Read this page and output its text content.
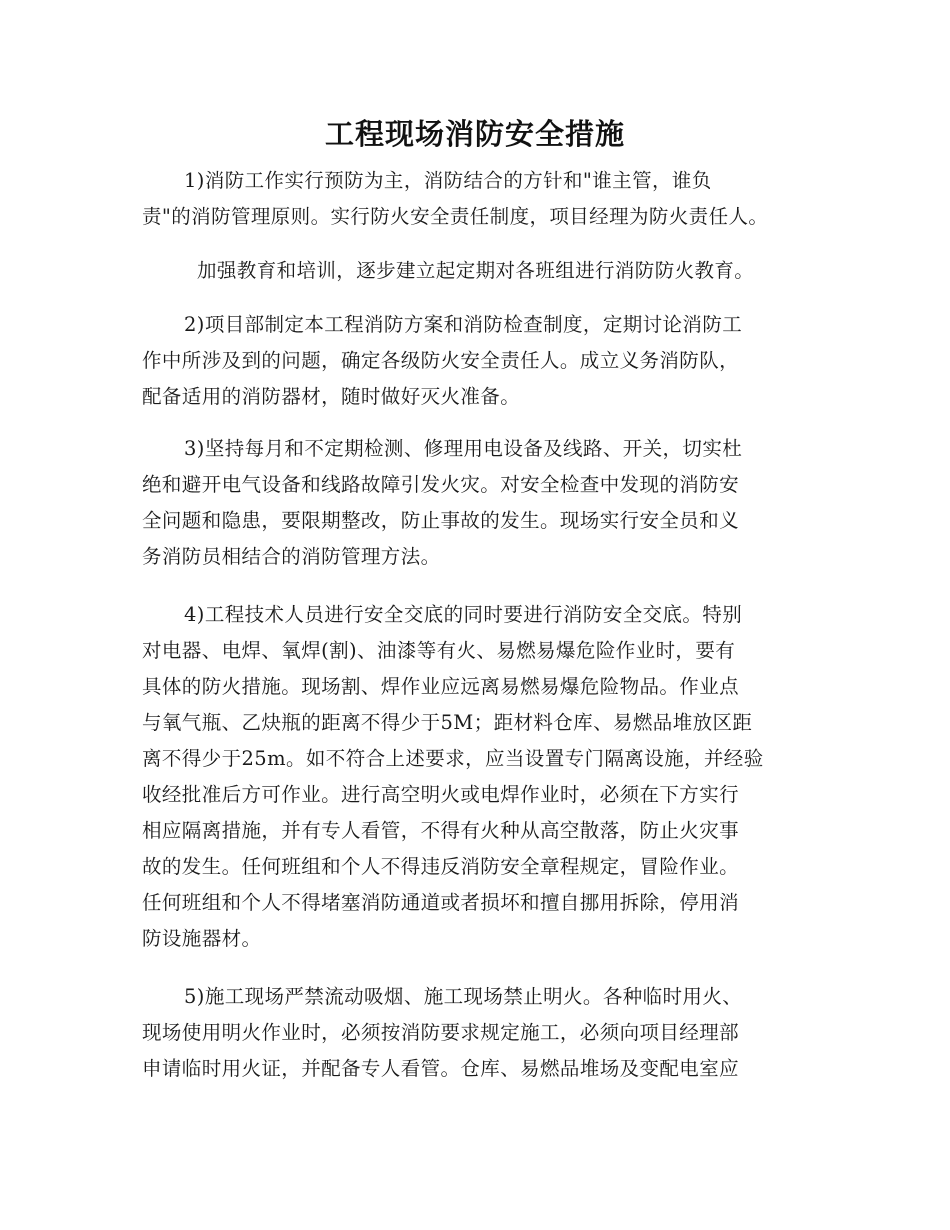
工程现场消防安全措施
1)消防工作实行预防为主，消防结合的方针和"谁主管，谁负
责"的消防管理原则。实行防火安全责任制度，项目经理为防火责任人。
加强教育和培训，逐步建立起定期对各班组进行消防防火教育。
2)项目部制定本工程消防方案和消防检查制度，定期讨论消防工
作中所涉及到的问题，确定各级防火安全责任人。成立义务消防队，
配备适用的消防器材，随时做好灭火准备。
3)坚持每月和不定期检测、修理用电设备及线路、开关，切实杜
绝和避开电气设备和线路故障引发火灾。对安全检查中发现的消防安
全问题和隐患，要限期整改，防止事故的发生。现场实行安全员和义
务消防员相结合的消防管理方法。
4)工程技术人员进行安全交底的同时要进行消防安全交底。特别
对电器、电焊、氧焊(割)、油漆等有火、易燃易爆危险作业时，要有
具体的防火措施。现场割、焊作业应远离易燃易爆危险物品。作业点
与氧气瓶、乙炔瓶的距离不得少于5M；距材料仓库、易燃品堆放区距
离不得少于25m。如不符合上述要求，应当设置专门隔离设施，并经验
收经批准后方可作业。进行高空明火或电焊作业时，必须在下方实行
相应隔离措施，并有专人看管，不得有火种从高空散落，防止火灾事
故的发生。任何班组和个人不得违反消防安全章程规定，冒险作业。
任何班组和个人不得堵塞消防通道或者损坏和擅自挪用拆除，停用消
防设施器材。
5)施工现场严禁流动吸烟、施工现场禁止明火。各种临时用火、
现场使用明火作业时，必须按消防要求规定施工，必须向项目经理部
申请临时用火证，并配备专人看管。仓库、易燃品堆场及变配电室应
